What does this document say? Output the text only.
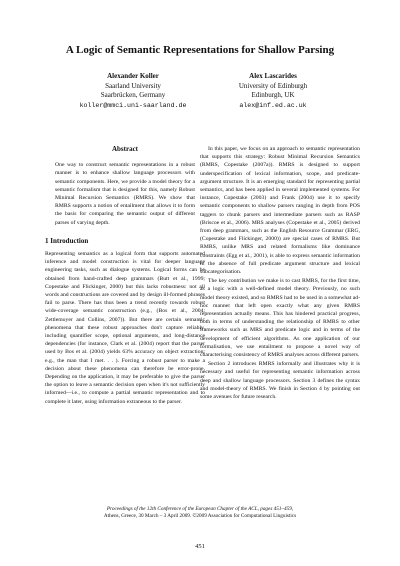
A Logic of Semantic Representations for Shallow Parsing
Alexander Koller
Saarland University
Saarbrücken, Germany
koller@mmci.uni-saarland.de
Alex Lascarides
University of Edinburgh
Edinburgh, UK
alex@inf.ed.ac.uk
Abstract

One way to construct semantic representations in a robust manner is to enhance shallow language processors with semantic components. Here, we provide a model theory for a semantic formalism that is designed for this, namely Robust Minimal Recursion Semantics (RMRS). We show that RMRS supports a notion of entailment that allows it to form the basis for comparing the semantic output of different parses of varying depth.

1 Introduction

Representing semantics as a logical form that supports automated inference and model construction is vital for deeper language engineering tasks, such as dialogue systems. Logical forms can be obtained from hand-crafted deep grammars (Butt et al., 1999; Copestake and Flickinger, 2000) but this lacks robustness: not all words and constructions are covered and by design ill-formed phrases fail to parse. There has thus been a trend recently towards robust wide-coverage semantic construction (e.g., (Bos et al., 2004; Zettlemoyer and Collins, 2007)). But there are certain semantic phenomena that these robust approaches don't capture reliably, including quantifier scope, optional arguments, and long-distance dependencies (for instance, Clark et al. (2004) report that the parser used by Bos et al. (2004) yields 63% accuracy on object extraction; e.g., the man that I met. . . ). Forcing a robust parser to make a decision about these phenomena can therefore be error-prone. Depending on the application, it may be preferable to give the parser the option to leave a semantic decision open when it's not sufficiently informed—i.e., to compute a partial semantic representation and to complete it later, using information extraneous to the parser.

In this paper, we focus on an approach to semantic representation that supports this strategy: Robust Minimal Recursion Semantics (RMRS, Copestake (2007a)). RMRS is designed to support underspecification of lexical information, scope, and predicate-argument structure. It is an emerging standard for representing partial semantics, and has been applied in several implemented systems. For instance, Copestake (2003) and Frank (2004) use it to specify semantic components to shallow parsers ranging in depth from POS taggers to chunk parsers and intermediate parsers such as RASP (Briscoe et al., 2006). MRS analyses (Copestake et al., 2005) derived from deep grammars, such as the English Resource Grammar (ERG, (Copestake and Flickinger, 2000)) are special cases of RMRS. But RMRS, unlike MRS and related formalisms like dominance constraints (Egg et al., 2001), is able to express semantic information in the absence of full predicate argument structure and lexical subcategorisation.

The key contribution we make is to cast RMRS, for the first time, as a logic with a well-defined model theory. Previously, no such model theory existed, and so RMRS had to be used in a somewhat ad-hoc manner that left open exactly what any given RMRS representation actually means. This has hindered practical progress, both in terms of understanding the relationship of RMRS to other frameworks such as MRS and predicate logic and in terms of the development of efficient algorithms. As one application of our formalisation, we use entailment to propose a novel way of characterising consistency of RMRS analyses across different parsers.

Section 2 introduces RMRS informally and illustrates why it is necessary and useful for representing semantic information across deep and shallow language processors. Section 3 defines the syntax and model-theory of RMRS. We finish in Section 4 by pointing out some avenues for future research.

Proceedings of the 12th Conference of the European Chapter of the ACL, pages 451–459,
Athens, Greece, 30 March – 3 April 2009. ©2009 Association for Computational Linguistics
451
